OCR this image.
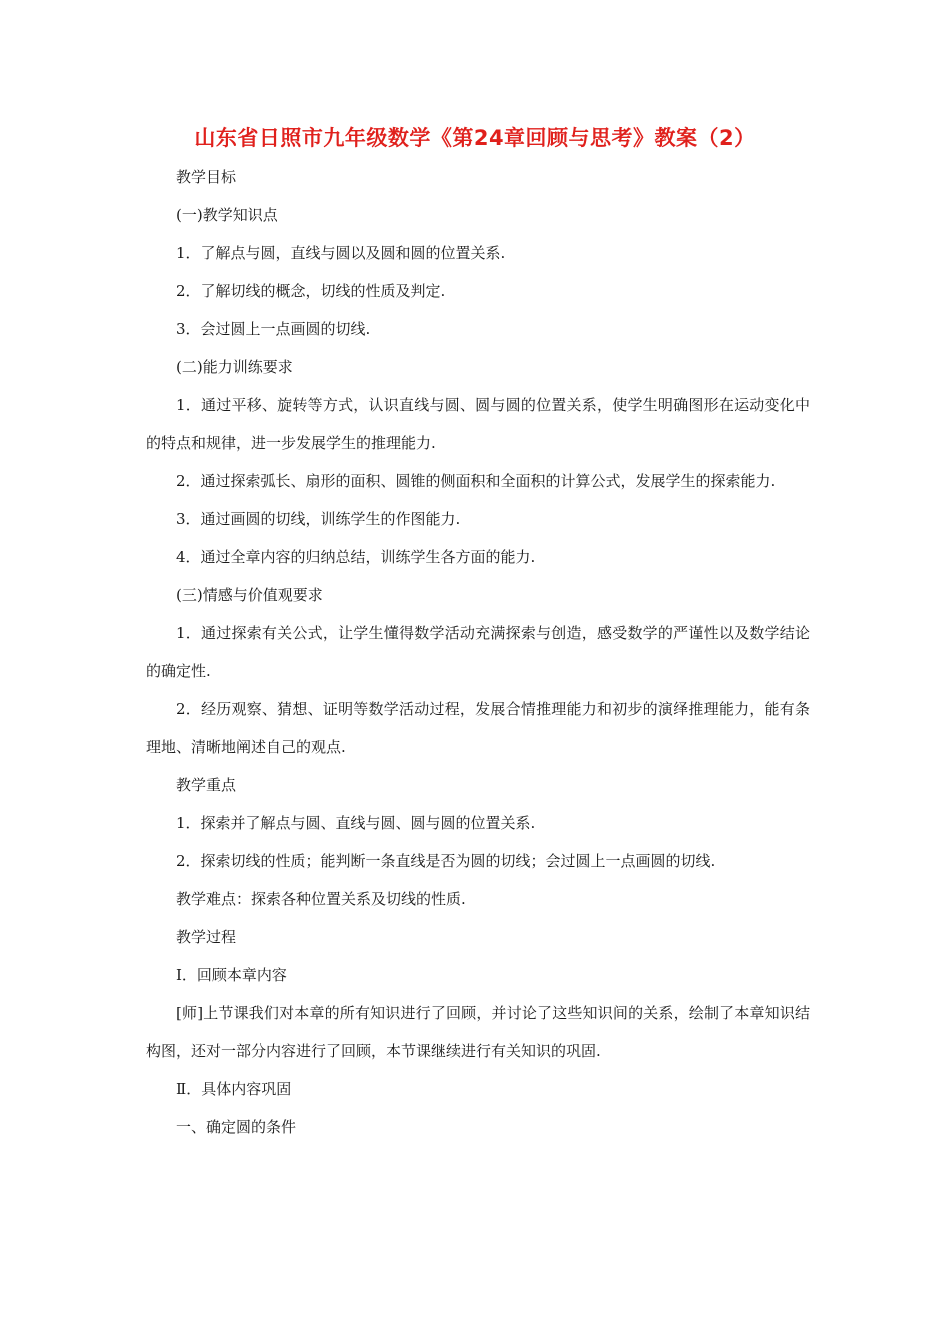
山东省日照市九年级数学《第24章回顾与思考》教案（2）

教学目标

(一)教学知识点

1．了解点与圆，直线与圆以及圆和圆的位置关系.

2．了解切线的概念，切线的性质及判定.

3．会过圆上一点画圆的切线.

(二)能力训练要求

1．通过平移、旋转等方式，认识直线与圆、圆与圆的位置关系，使学生明确图形在运动变化中的特点和规律，进一步发展学生的推理能力.

2．通过探索弧长、扇形的面积、圆锥的侧面积和全面积的计算公式，发展学生的探索能力.

3．通过画圆的切线，训练学生的作图能力.

4．通过全章内容的归纳总结，训练学生各方面的能力.

(三)情感与价值观要求

1．通过探索有关公式，让学生懂得数学活动充满探索与创造，感受数学的严谨性以及数学结论的确定性.

2．经历观察、猜想、证明等数学活动过程，发展合情推理能力和初步的演绎推理能力，能有条理地、清晰地阐述自己的观点.

教学重点

1．探索并了解点与圆、直线与圆、圆与圆的位置关系.

2．探索切线的性质；能判断一条直线是否为圆的切线；会过圆上一点画圆的切线.

教学难点：探索各种位置关系及切线的性质.

教学过程

Ⅰ．回顾本章内容

[师]上节课我们对本章的所有知识进行了回顾，并讨论了这些知识间的关系，绘制了本章知识结构图，还对一部分内容进行了回顾，本节课继续进行有关知识的巩固.

Ⅱ．具体内容巩固

一、确定圆的条件
